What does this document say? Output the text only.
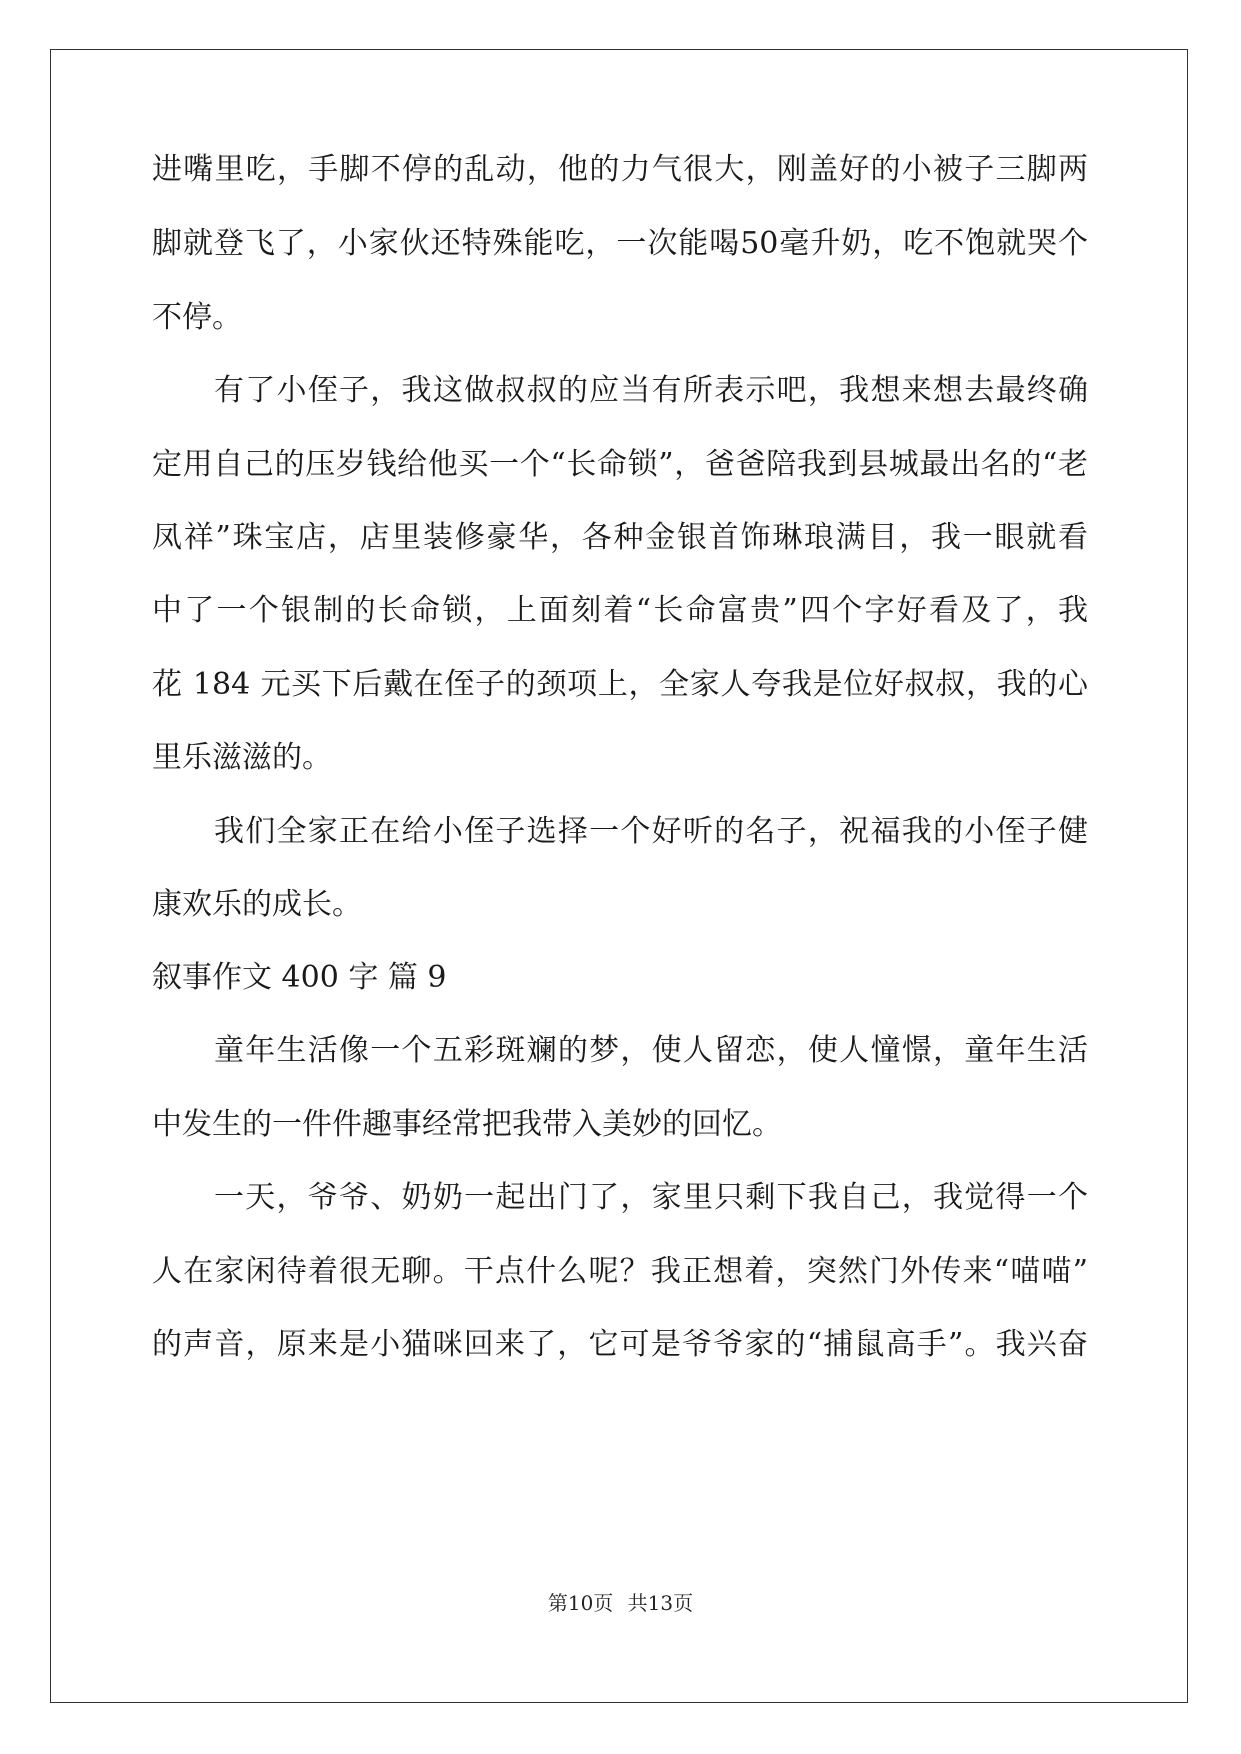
进嘴里吃，手脚不停的乱动，他的力气很大，刚盖好的小被子三脚两
脚就登飞了，小家伙还特殊能吃，一次能喝50毫升奶，吃不饱就哭个
不停。
有了小侄子，我这做叔叔的应当有所表示吧，我想来想去最终确
定用自己的压岁钱给他买一个“长命锁”，爸爸陪我到县城最出名的“老
凤祥”珠宝店，店里装修豪华，各种金银首饰琳琅满目，我一眼就看
中了一个银制的长命锁，上面刻着“长命富贵”四个字好看及了，我
花 184 元买下后戴在侄子的颈项上，全家人夸我是位好叔叔，我的心
里乐滋滋的。
我们全家正在给小侄子选择一个好听的名子，祝福我的小侄子健
康欢乐的成长。
叙事作文 400 字 篇 9
童年生活像一个五彩斑斓的梦，使人留恋，使人憧憬，童年生活
中发生的一件件趣事经常把我带入美妙的回忆。
一天，爷爷、奶奶一起出门了，家里只剩下我自己，我觉得一个
人在家闲待着很无聊。干点什么呢？我正想着，突然门外传来“喵喵”
的声音，原来是小猫咪回来了，它可是爷爷家的“捕鼠高手”。我兴奋
第10页 共13页
